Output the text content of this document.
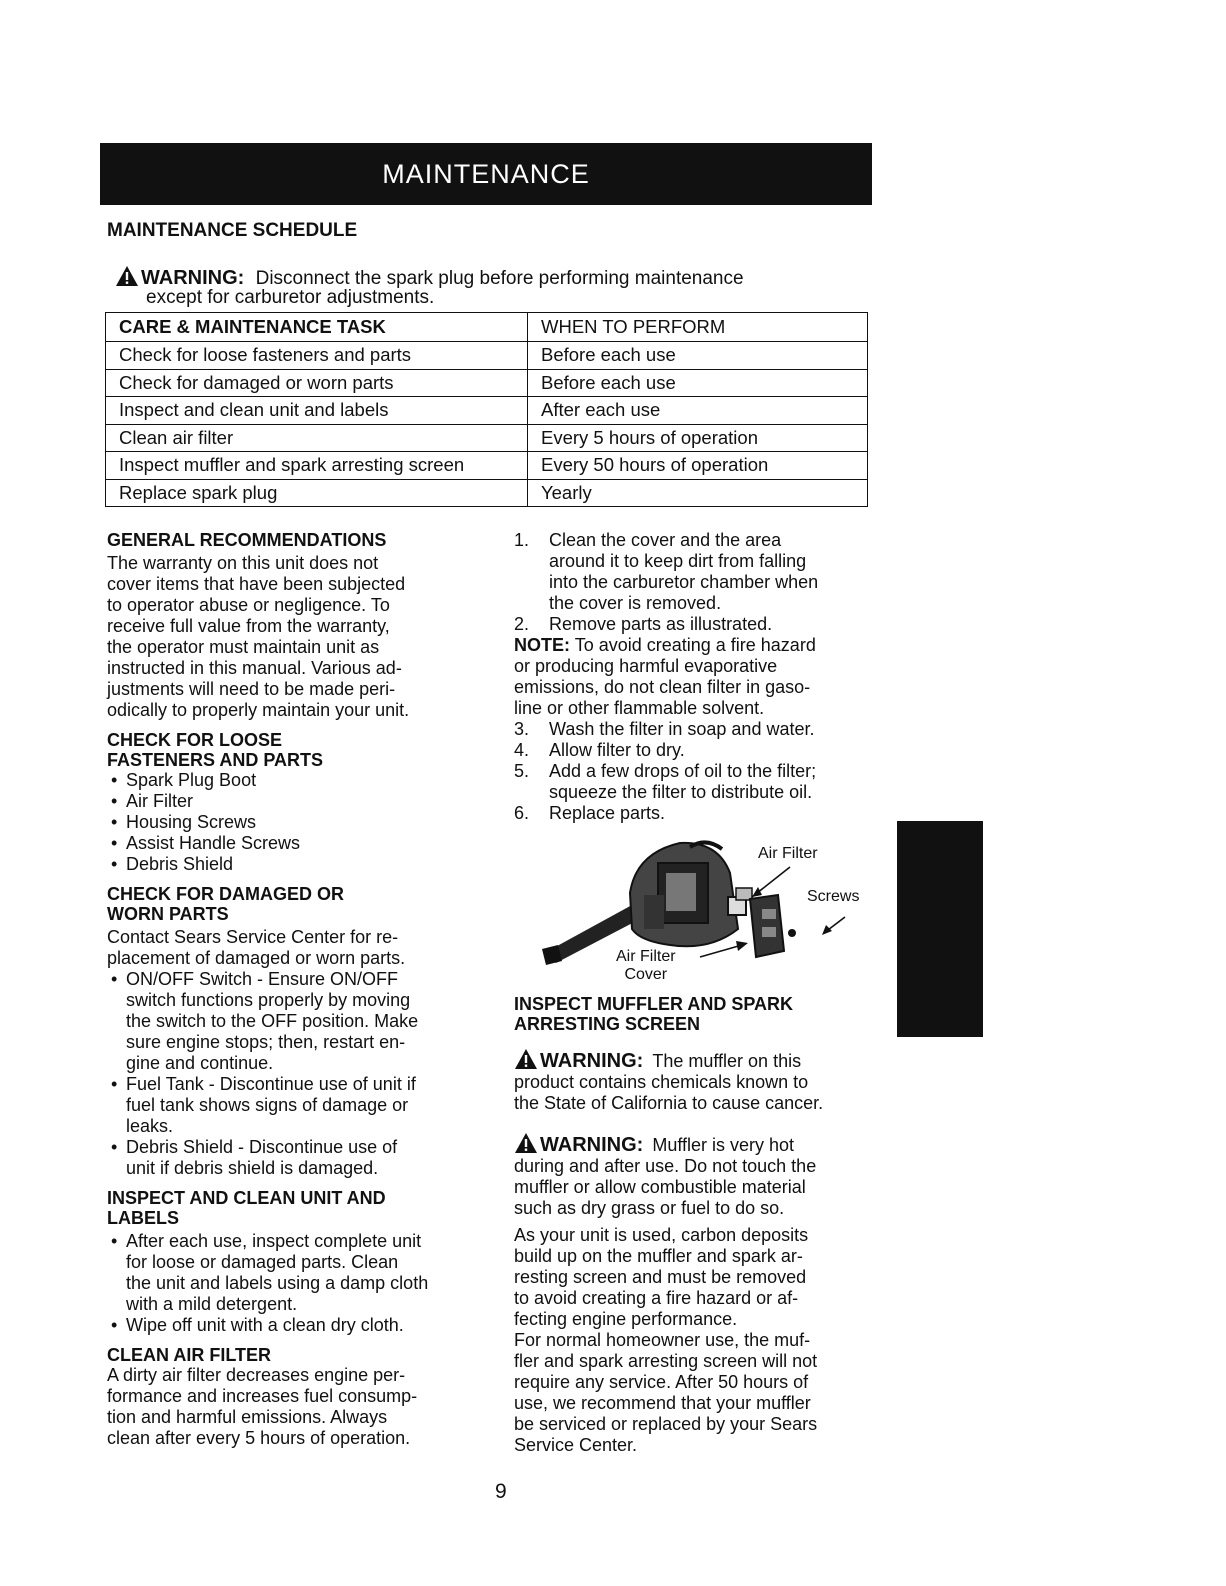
MAINTENANCE
MAINTENANCE SCHEDULE
WARNING: Disconnect the spark plug before performing maintenance
except for carburetor adjustments.
CARE & MAINTENANCE TASK	WHEN TO PERFORM
Check for loose fasteners and parts	Before each use
Check for damaged or worn parts	Before each use
Inspect and clean unit and labels	After each use
Clean air filter	Every 5 hours of operation
Inspect muffler and spark arresting screen	Every 50 hours of operation
Replace spark plug	Yearly
GENERAL RECOMMENDATIONS
The warranty on this unit does not
cover items that have been subjected
to operator abuse or negligence. To
receive full value from the warranty,
the operator must maintain unit as
instructed in this manual. Various ad-
justments will need to be made peri-
odically to properly maintain your unit.
CHECK FOR LOOSE
FASTENERS AND PARTS
• Spark Plug Boot
• Air Filter
• Housing Screws
• Assist Handle Screws
• Debris Shield
CHECK FOR DAMAGED OR
WORN PARTS
Contact Sears Service Center for re-
placement of damaged or worn parts.
• ON/OFF Switch - Ensure ON/OFF
switch functions properly by moving
the switch to the OFF position. Make
sure engine stops; then, restart en-
gine and continue.
• Fuel Tank - Discontinue use of unit if
fuel tank shows signs of damage or
leaks.
• Debris Shield - Discontinue use of
unit if debris shield is damaged.
INSPECT AND CLEAN UNIT AND
LABELS
• After each use, inspect complete unit
for loose or damaged parts. Clean
the unit and labels using a damp cloth
with a mild detergent.
• Wipe off unit with a clean dry cloth.
CLEAN AIR FILTER
A dirty air filter decreases engine per-
formance and increases fuel consump-
tion and harmful emissions. Always
clean after every 5 hours of operation.
1. Clean the cover and the area
around it to keep dirt from falling
into the carburetor chamber when
the cover is removed.
2. Remove parts as illustrated.
NOTE: To avoid creating a fire hazard
or producing harmful evaporative
emissions, do not clean filter in gaso-
line or other flammable solvent.
3. Wash the filter in soap and water.
4. Allow filter to dry.
5. Add a few drops of oil to the filter;
squeeze the filter to distribute oil.
6. Replace parts.
Air Filter
Screws
Air Filter
Cover
INSPECT MUFFLER AND SPARK
ARRESTING SCREEN
WARNING: The muffler on this
product contains chemicals known to
the State of California to cause cancer.
WARNING: Muffler is very hot
during and after use. Do not touch the
muffler or allow combustible material
such as dry grass or fuel to do so.
As your unit is used, carbon deposits
build up on the muffler and spark ar-
resting screen and must be removed
to avoid creating a fire hazard or af-
fecting engine performance.
For normal homeowner use, the muf-
fler and spark arresting screen will not
require any service. After 50 hours of
use, we recommend that your muffler
be serviced or replaced by your Sears
Service Center.
9
